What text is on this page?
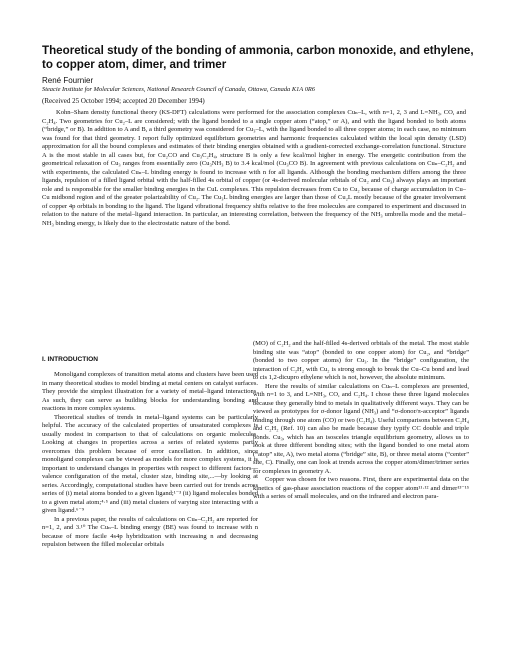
Theoretical study of the bonding of ammonia, carbon monoxide, and ethylene, to copper atom, dimer, and trimer
René Fournier
Steacie Institute for Molecular Sciences, National Research Council of Canada, Ottawa, Canada K1A 0R6
(Received 25 October 1994; accepted 20 December 1994)

Kohn–Sham density functional theory (KS-DFT) calculations were performed for the association complexes Cuₙ–L, with n=1, 2, 3 and L=NH₃, CO, and C₂H₄. Two geometries for Cu₂–L are considered; with the ligand bonded to a single copper atom (“atop,” or A), and with the ligand bonded to both atoms (“bridge,” or B). In addition to A and B, a third geometry was considered for Cu₃–L, with the ligand bonded to all three copper atoms; in each case, no minimum was found for that third geometry. I report fully optimized equilibrium geometries and harmonic frequencies calculated within the local spin density (LSD) approximation for all the bound complexes and estimates of their binding energies obtained with a gradient-corrected exchange-correlation functional. Structure A is the most stable in all cases but, for Cu₂CO and Cu₃C₂H₄, structure B is only a few kcal/mol higher in energy. The energetic contribution from the geometrical relaxation of Cu₃ ranges from essentially zero (Cu₃NH₃ B) to 3.4 kcal/mol (Cu₃CO B). In agreement with previous calculations on Cuₙ–C₂H₂ and with experiments, the calculated Cuₙ–L binding energy is found to increase with n for all ligands. Although the bonding mechanism differs among the three ligands, repulsion of a filled ligand orbital with the half-filled 4s orbital of copper (or 4s-derived molecular orbitals of Cu₂ and Cu₃) always plays an important role and is responsible for the smaller binding energies in the CuL complexes. This repulsion decreases from Cu to Cu₂ because of charge accumulation in Cu–Cu midbond region and of the greater polarizability of Cu₂. The Cu₃L binding energies are larger than those of Cu₂L mostly because of the greater involvement of copper 4p orbitals in bonding to the ligand. The ligand vibrational frequency shifts relative to the free molecules are compared to experiment and discussed in relation to the nature of the metal–ligand interaction. In particular, an interesting correlation, between the frequency of the NH₃ umbrella mode and the metal–NH₃ binding energy, is likely due to the electrostatic nature of the bond.

I. INTRODUCTION

Monoligand complexes of transition metal atoms and clusters have been used in many theoretical studies to model binding at metal centers on catalyst surfaces. They provide the simplest illustration for a variety of metal–ligand interactions. As such, they can serve as building blocks for understanding bonding and reactions in more complex systems.

Theoretical studies of trends in metal–ligand systems can be particularly helpful. The accuracy of the calculated properties of unsaturated complexes is usually modest in comparison to that of calculations on organic molecules. Looking at changes in properties across a series of related systems partly overcomes this problem because of error cancellation. In addition, since monoligand complexes can be viewed as models for more complex systems, it is important to understand changes in properties with respect to different factors—valence configuration of the metal, cluster size, binding site,...—by looking at series. Accordingly, computational studies have been carried out for trends across series of (i) metal atoms bonded to a given ligand;¹⁻³ (ii) ligand molecules bonded to a given metal atom;⁴·⁵ and (iii) metal clusters of varying size interacting with a given ligand.⁶⁻⁹

In a previous paper, the results of calculations on Cuₙ–C₂H₂ are reported for n=1, 2, and 3.¹⁰ The Cuₙ–L binding energy (BE) was found to increase with n because of more facile 4s4p hybridization with increasing n and decreasing repulsion between the filled molecular orbitals

(MO) of C₂H₂ and the half-filled 4s-derived orbitals of the metal. The most stable binding site was “atop” (bonded to one copper atom) for Cu₂, and “bridge” (bonded to two copper atoms) for Cu₃. In the “bridge” configuration, the interaction of C₂H₂ with Cu₂ is strong enough to break the Cu–Cu bond and lead to cis 1,2-dicupro ethylene which is not, however, the absolute minimum.

Here the results of similar calculations on Cuₙ–L complexes are presented, with n=1 to 3, and L=NH₃, CO, and C₂H₄. I chose these three ligand molecules because they generally bind to metals in qualitatively different ways. They can be viewed as prototypes for σ-donor ligand (NH₃) and “σ-donor/π-acceptor” ligands binding through one atom (CO) or two (C₂H₄). Useful comparisons between C₂H₄ and C₂H₂ (Ref. 10) can also be made because they typify CC double and triple bonds. Cu₃, which has an isosceles triangle equilibrium geometry, allows us to look at three different bonding sites; with the ligand bonded to one metal atom (“atop” site, A), two metal atoms (“bridge” site, B), or three metal atoms (“center” site, C). Finally, one can look at trends across the copper atom/dimer/trimer series for complexes in geometry A.

Copper was chosen for two reasons. First, there are experimental data on the kinetics of gas-phase association reactions of the copper atom¹¹·¹² and dimer¹³⁻¹⁵ with a series of small molecules, and on the infrared and electron para-
